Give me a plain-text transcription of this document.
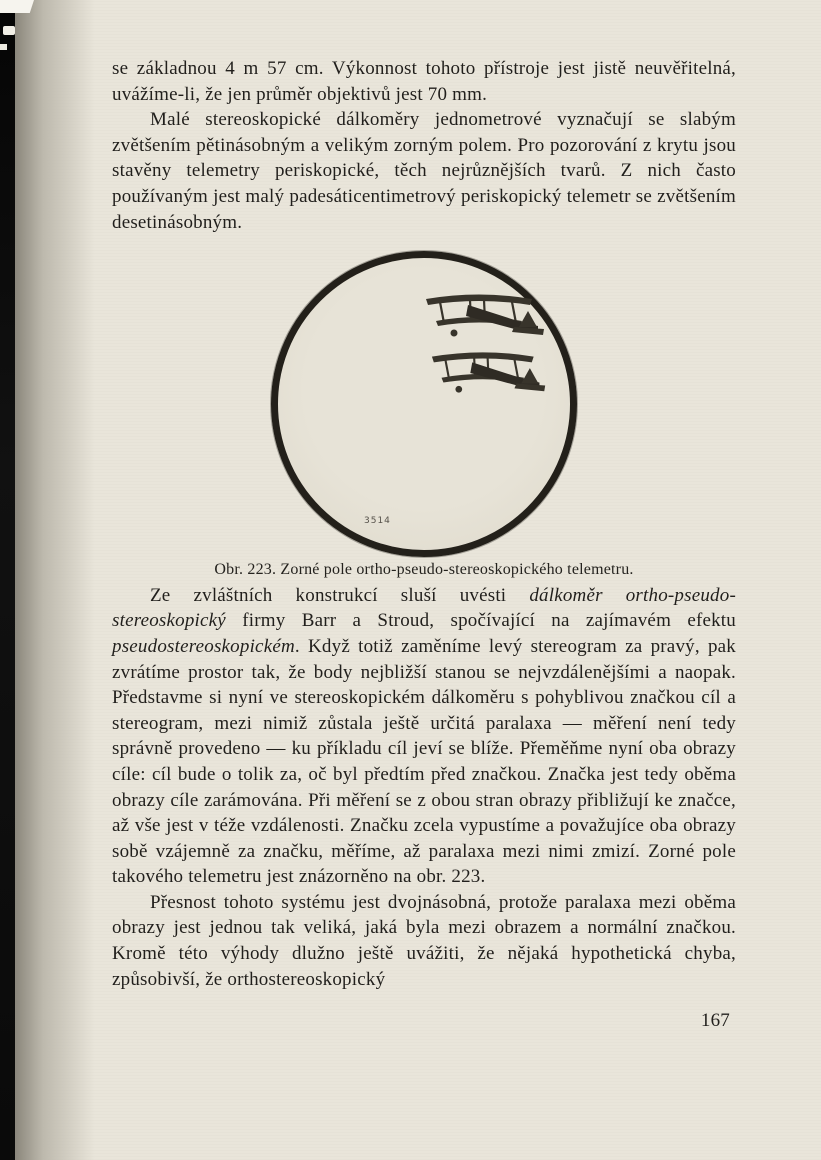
se základnou 4 m 57 cm. Výkonnost tohoto přístroje jest jistě neuvěřitelná, uvážíme-li, že jen průměr objektivů jest 70 mm.

Malé stereoskopické dálkoměry jednometrové vyznačují se slabým zvětšením pětinásobným a velikým zorným polem. Pro pozorování z krytu jsou stavěny telemetry periskopické, těch nejrůznějších tvarů. Z nich často používaným jest malý padesáticentimetrový periskopický telemetr se zvětšením desetinásobným.

3514

Obr. 223. Zorné pole ortho-pseudo-stereoskopického telemetru.

Ze zvláštních konstrukcí sluší uvésti dálkoměr ortho-pseudo-stereoskopický firmy Barr a Stroud, spočívající na zajímavém efektu pseudostereoskopickém. Když totiž zaměníme levý stereogram za pravý, pak zvrátíme prostor tak, že body nejbližší stanou se nejvzdálenějšími a naopak. Představme si nyní ve stereoskopickém dálkoměru s pohyblivou značkou cíl a stereogram, mezi nimiž zůstala ještě určitá paralaxa — měření není tedy správně provedeno — ku příkladu cíl jeví se blíže. Přeměňme nyní oba obrazy cíle: cíl bude o tolik za, oč byl předtím před značkou. Značka jest tedy oběma obrazy cíle zarámována. Při měření se z obou stran obrazy přibližují ke značce, až vše jest v téže vzdálenosti. Značku zcela vypustíme a považujíce oba obrazy sobě vzájemně za značku, měříme, až paralaxa mezi nimi zmizí. Zorné pole takového telemetru jest znázorněno na obr. 223.

Přesnost tohoto systému jest dvojnásobná, protože paralaxa mezi oběma obrazy jest jednou tak veliká, jaká byla mezi obrazem a normální značkou. Kromě této výhody dlužno ještě uvážiti, že nějaká hypothetická chyba, způsobivší, že orthostereoskopický

167
